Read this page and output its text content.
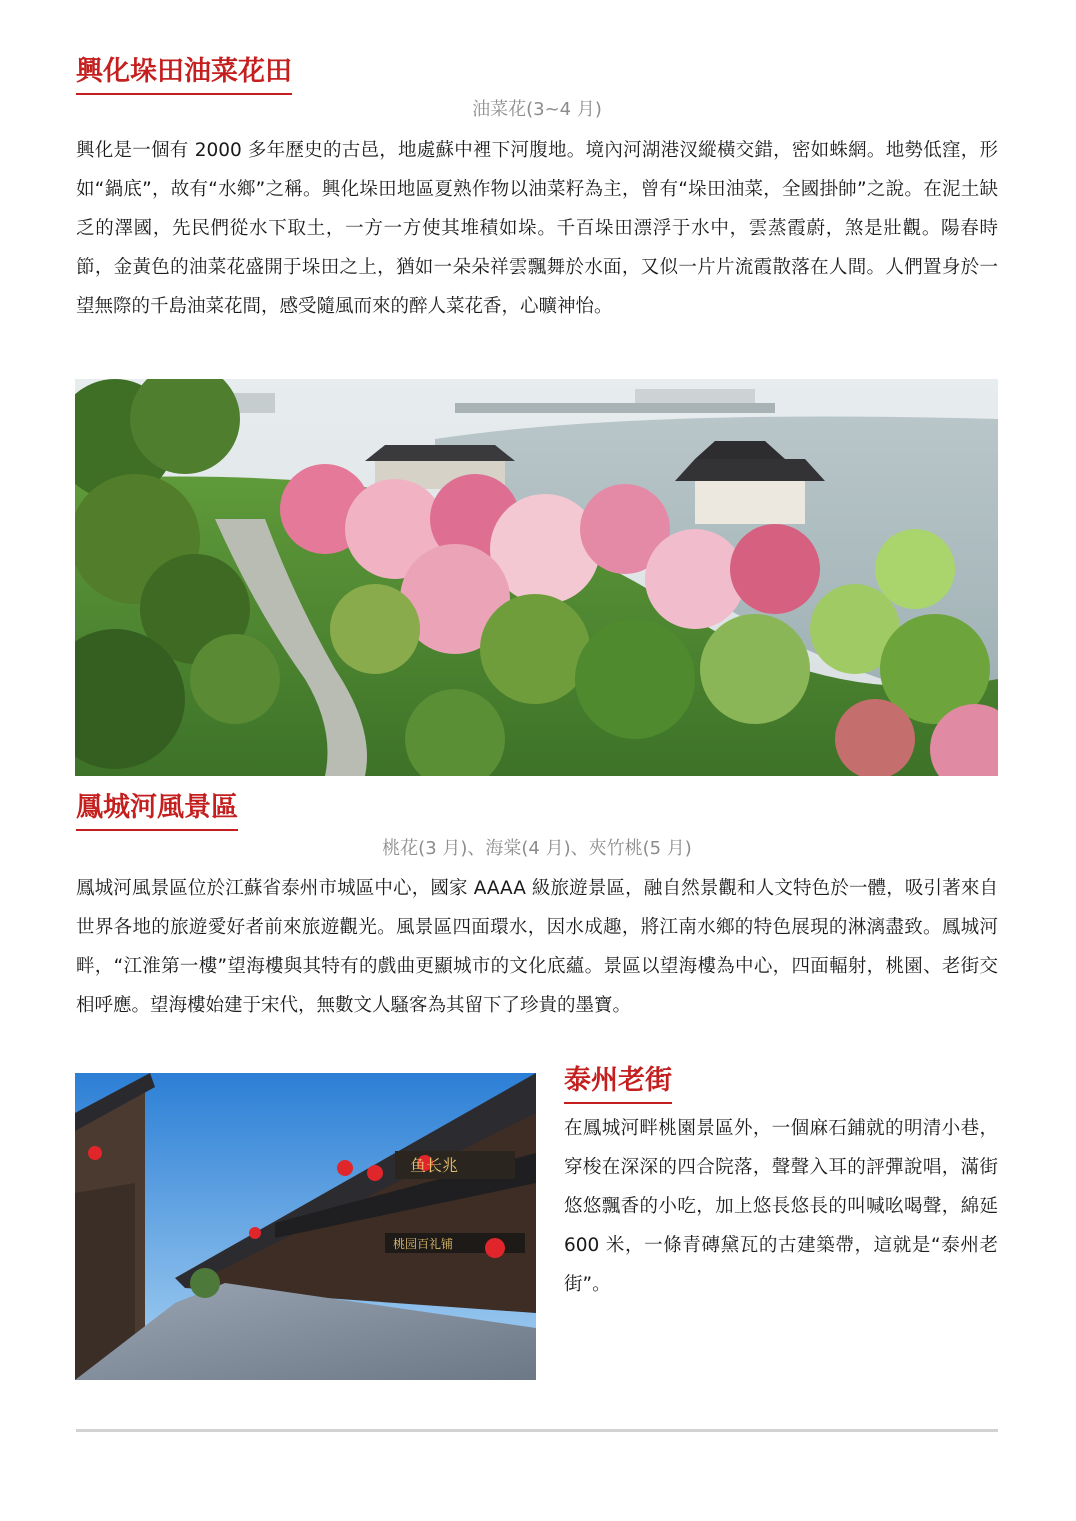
興化垛田油菜花田
油菜花(3~4 月)

興化是一個有 2000 多年歷史的古邑，地處蘇中裡下河腹地。境內河湖港汊縱橫交錯，密如蛛網。地勢低窪，形如“鍋底”，故有“水鄉”之稱。興化垛田地區夏熟作物以油菜籽為主，曾有“垛田油菜，全國掛帥”之說。在泥土缺乏的澤國，先民們從水下取土，一方一方使其堆積如垛。千百垛田漂浮于水中，雲蒸霞蔚，煞是壯觀。陽春時節，金黃色的油菜花盛開于垛田之上，猶如一朵朵祥雲飄舞於水面，又似一片片流霞散落在人間。人們置身於一望無際的千島油菜花間，感受隨風而來的醉人菜花香，心曠神怡。

鳳城河風景區
桃花(3 月)、海棠(4 月)、夾竹桃(5 月)

鳳城河風景區位於江蘇省泰州市城區中心，國家 AAAA 級旅遊景區，融自然景觀和人文特色於一體，吸引著來自世界各地的旅遊愛好者前來旅遊觀光。風景區四面環水，因水成趣，將江南水鄉的特色展現的淋漓盡致。鳳城河畔，“江淮第一樓”望海樓與其特有的戲曲更顯城市的文化底蘊。景區以望海樓為中心，四面輻射，桃園、老街交相呼應。望海樓始建于宋代，無數文人騷客為其留下了珍貴的墨寶。

鱼长兆
桃园百礼铺
泰州老街

在鳳城河畔桃園景區外，一個麻石鋪就的明清小巷，穿梭在深深的四合院落，聲聲入耳的評彈說唱，滿街悠悠飄香的小吃，加上悠長悠長的叫喊吆喝聲，綿延 600 米，一條青磚黛瓦的古建築帶，這就是“泰州老街”。
